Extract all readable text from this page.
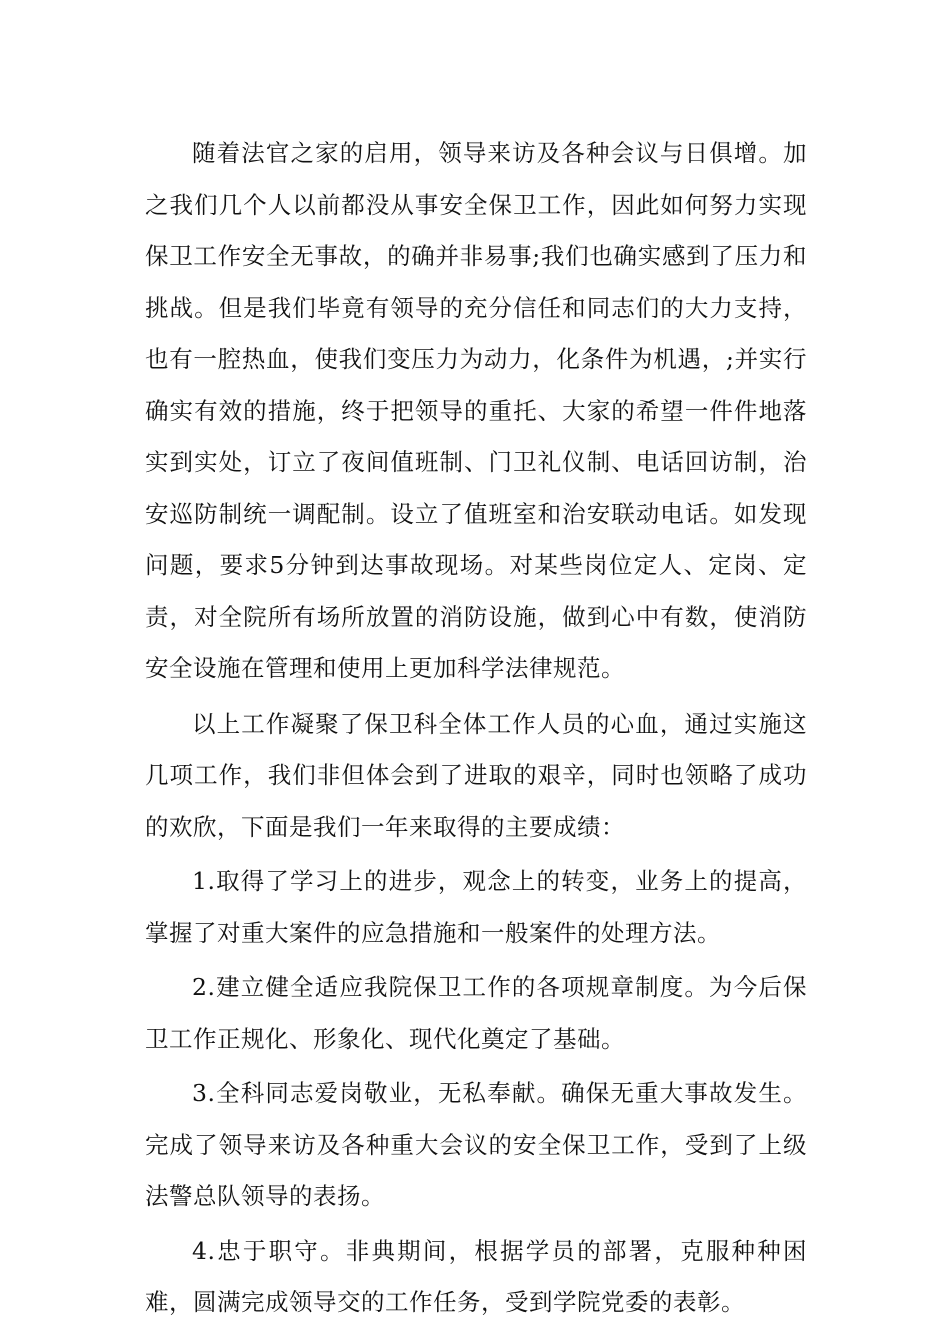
随着法官之家的启用，领导来访及各种会议与日俱增。加之我们几个人以前都没从事安全保卫工作，因此如何努力实现保卫工作安全无事故，的确并非易事;我们也确实感到了压力和挑战。但是我们毕竟有领导的充分信任和同志们的大力支持，也有一腔热血，使我们变压力为动力，化条件为机遇，;并实行确实有效的措施，终于把领导的重托、大家的希望一件件地落实到实处，订立了夜间值班制、门卫礼仪制、电话回访制，治安巡防制统一调配制。设立了值班室和治安联动电话。如发现问题，要求5分钟到达事故现场。对某些岗位定人、定岗、定责，对全院所有场所放置的消防设施，做到心中有数，使消防安全设施在管理和使用上更加科学法律规范。

以上工作凝聚了保卫科全体工作人员的心血，通过实施这几项工作，我们非但体会到了进取的艰辛，同时也领略了成功的欢欣，下面是我们一年来取得的主要成绩：

1.取得了学习上的进步，观念上的转变，业务上的提高，掌握了对重大案件的应急措施和一般案件的处理方法。

2.建立健全适应我院保卫工作的各项规章制度。为今后保卫工作正规化、形象化、现代化奠定了基础。

3.全科同志爱岗敬业，无私奉献。确保无重大事故发生。完成了领导来访及各种重大会议的安全保卫工作，受到了上级法警总队领导的表扬。

4.忠于职守。非典期间，根据学员的部署，克服种种困难，圆满完成领导交的工作任务，受到学院党委的表彰。
